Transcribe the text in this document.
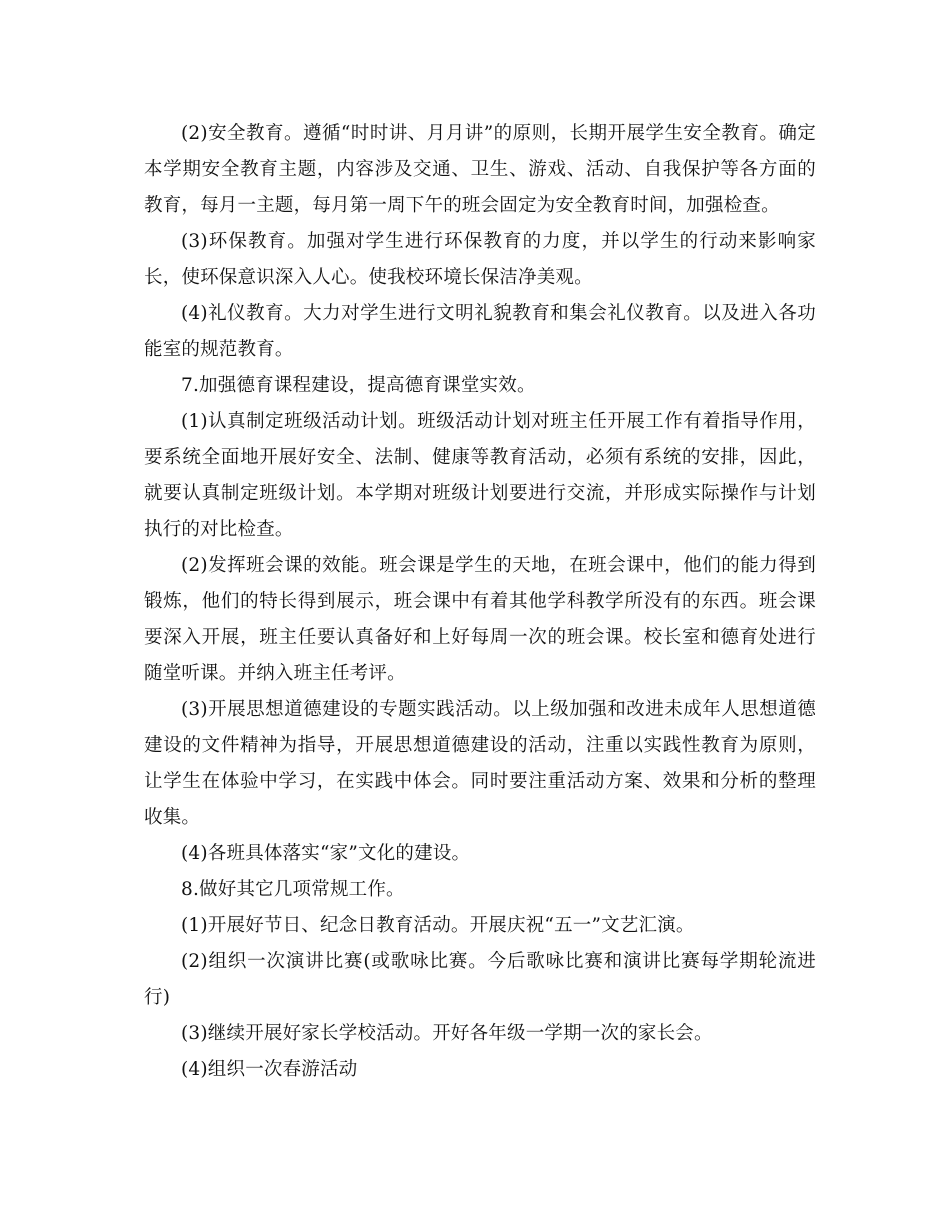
(2)安全教育。遵循“时时讲、月月讲”的原则，长期开展学生安全教育。确定本学期安全教育主题，内容涉及交通、卫生、游戏、活动、自我保护等各方面的教育，每月一主题，每月第一周下午的班会固定为安全教育时间，加强检查。

(3)环保教育。加强对学生进行环保教育的力度，并以学生的行动来影响家长，使环保意识深入人心。使我校环境长保洁净美观。

(4)礼仪教育。大力对学生进行文明礼貌教育和集会礼仪教育。以及进入各功能室的规范教育。

7.加强德育课程建设，提高德育课堂实效。

(1)认真制定班级活动计划。班级活动计划对班主任开展工作有着指导作用，要系统全面地开展好安全、法制、健康等教育活动，必须有系统的安排，因此，就要认真制定班级计划。本学期对班级计划要进行交流，并形成实际操作与计划执行的对比检查。

(2)发挥班会课的效能。班会课是学生的天地，在班会课中，他们的能力得到锻炼，他们的特长得到展示，班会课中有着其他学科教学所没有的东西。班会课要深入开展，班主任要认真备好和上好每周一次的班会课。校长室和德育处进行随堂听课。并纳入班主任考评。

(3)开展思想道德建设的专题实践活动。以上级加强和改进未成年人思想道德建设的文件精神为指导，开展思想道德建设的活动，注重以实践性教育为原则，让学生在体验中学习，在实践中体会。同时要注重活动方案、效果和分析的整理收集。

(4)各班具体落实“家”文化的建设。

8.做好其它几项常规工作。

(1)开展好节日、纪念日教育活动。开展庆祝“五一”文艺汇演。

(2)组织一次演讲比赛(或歌咏比赛。今后歌咏比赛和演讲比赛每学期轮流进行)

(3)继续开展好家长学校活动。开好各年级一学期一次的家长会。

(4)组织一次春游活动
